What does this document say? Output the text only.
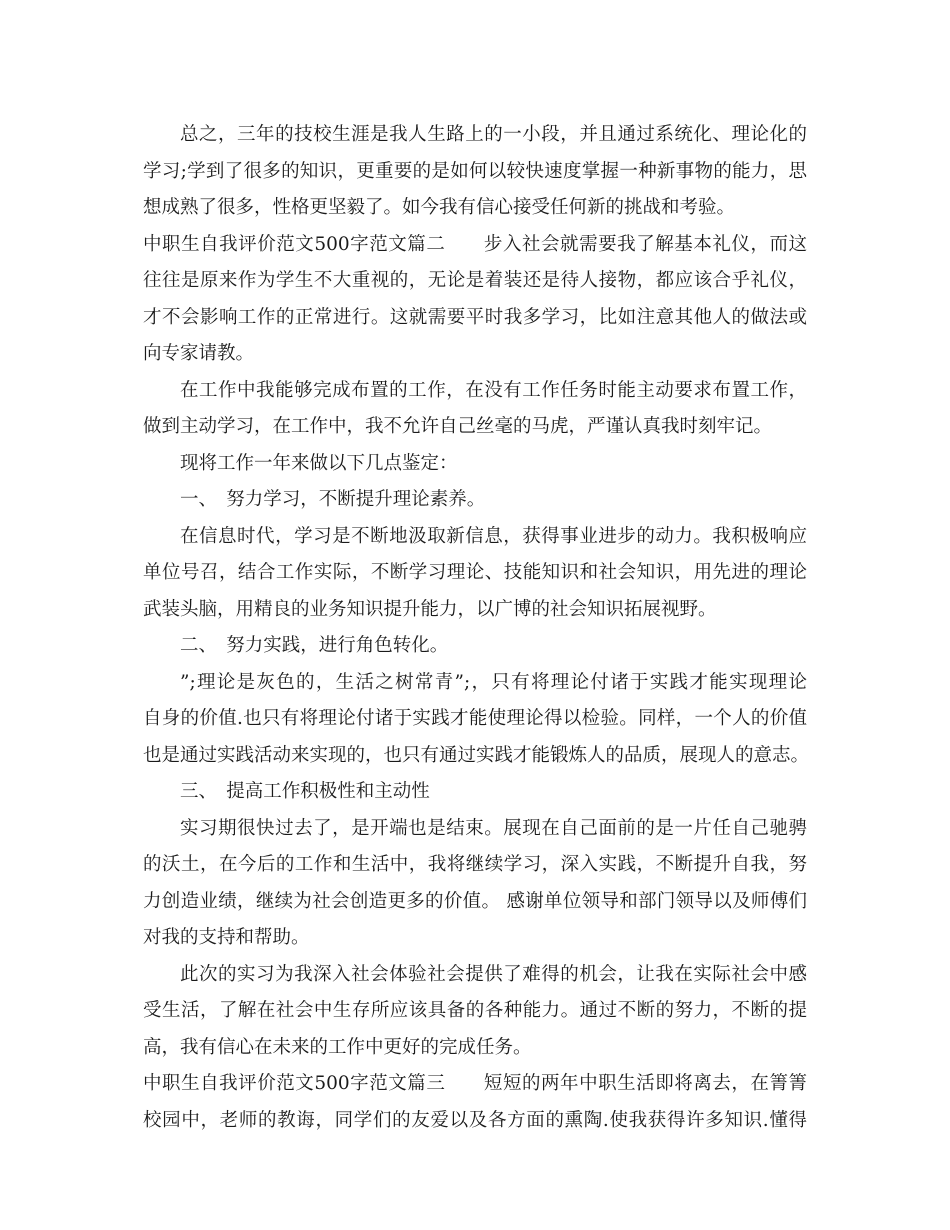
总之，三年的技校生涯是我人生路上的一小段，并且通过系统化、理论化的
学习;学到了很多的知识，更重要的是如何以较快速度掌握一种新事物的能力，思
想成熟了很多，性格更坚毅了。如今我有信心接受任何新的挑战和考验。
中职生自我评价范文500字范文篇二 步入社会就需要我了解基本礼仪，而这
往往是原来作为学生不大重视的，无论是着装还是待人接物，都应该合乎礼仪，
才不会影响工作的正常进行。这就需要平时我多学习，比如注意其他人的做法或
向专家请教。
在工作中我能够完成布置的工作，在没有工作任务时能主动要求布置工作，
做到主动学习，在工作中，我不允许自己丝毫的马虎，严谨认真我时刻牢记。
现将工作一年来做以下几点鉴定：
一、　努力学习，不断提升理论素养。
在信息时代，学习是不断地汲取新信息，获得事业进步的动力。我积极响应
单位号召，结合工作实际，不断学习理论、技能知识和社会知识，用先进的理论
武装头脑，用精良的业务知识提升能力，以广博的社会知识拓展视野。
二、　努力实践，进行角色转化。
”;理论是灰色的，生活之树常青”;，只有将理论付诸于实践才能实现理论
自身的价值.也只有将理论付诸于实践才能使理论得以检验。同样，一个人的价值
也是通过实践活动来实现的，也只有通过实践才能锻炼人的品质，展现人的意志。
三、　提高工作积极性和主动性
实习期很快过去了，是开端也是结束。展现在自己面前的是一片任自己驰骋
的沃土，在今后的工作和生活中，我将继续学习，深入实践，不断提升自我，努
力创造业绩，继续为社会创造更多的价值。 感谢单位领导和部门领导以及师傅们
对我的支持和帮助。
此次的实习为我深入社会体验社会提供了难得的机会，让我在实际社会中感
受生活，了解在社会中生存所应该具备的各种能力。通过不断的努力，不断的提
高，我有信心在未来的工作中更好的完成任务。
中职生自我评价范文500字范文篇三 短短的两年中职生活即将离去，在箐箐
校园中，老师的教诲，同学们的友爱以及各方面的熏陶.使我获得许多知识.懂得
